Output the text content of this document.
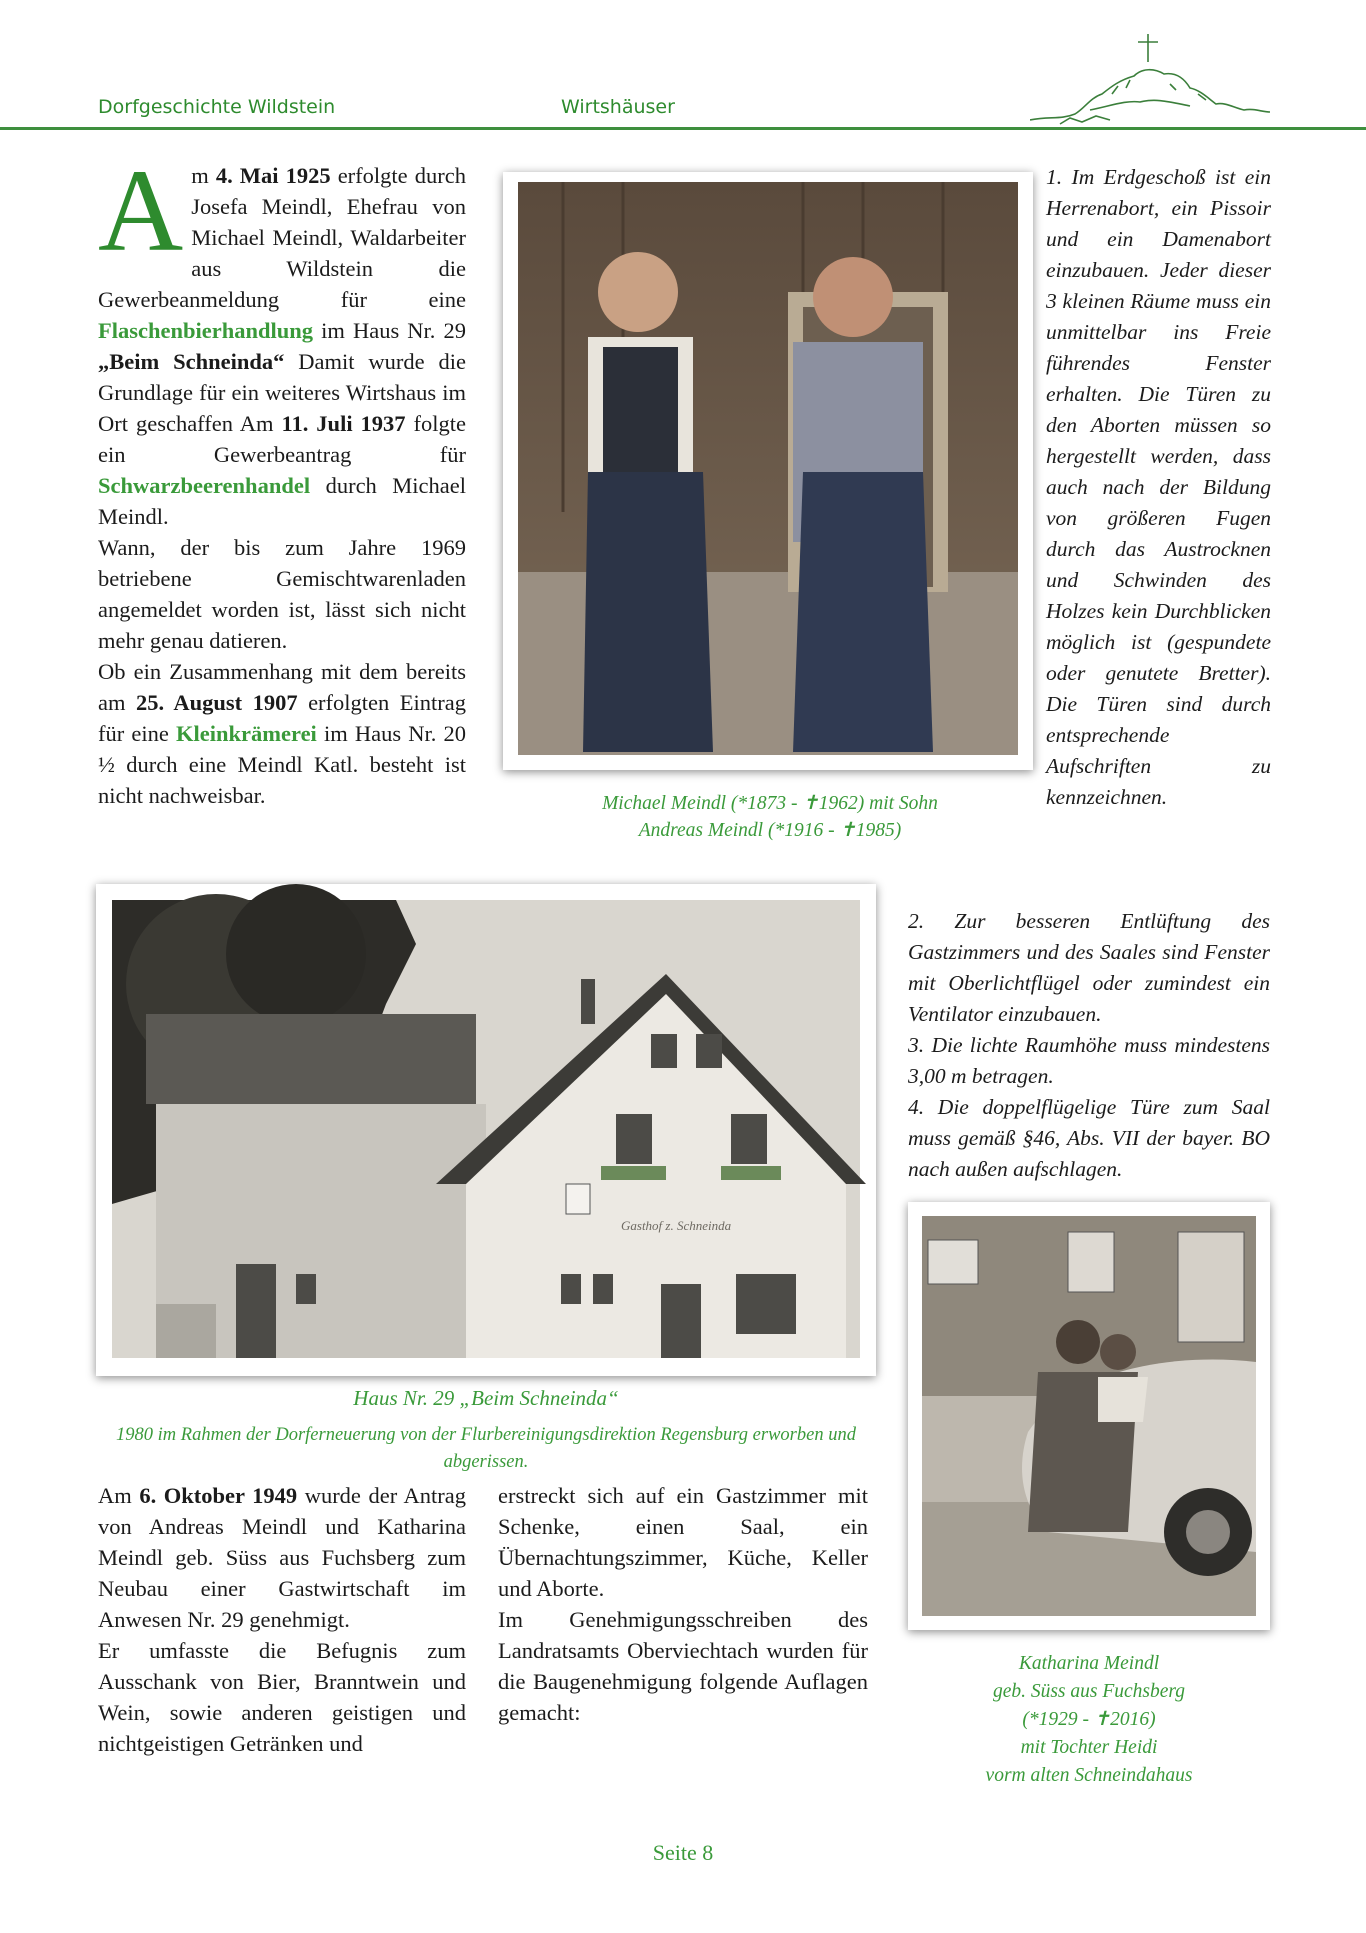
Dorfgeschichte Wildstein	Wirtshäuser
A m 4. Mai 1925 erfolgte durch Josefa Meindl, Ehefrau von Michael Meindl, Waldarbeiter aus Wildstein die Gewerbeanmeldung für eine Flaschenbierhandlung im Haus Nr. 29 „Beim Schneinda“ Damit wurde die Grundlage für ein weiteres Wirtshaus im Ort geschaffen Am 11. Juli 1937 folgte ein Gewerbeantrag für Schwarzbeerenhandel durch Michael Meindl.

Wann, der bis zum Jahre 1969 betriebene Gemischtwarenladen angemeldet worden ist, lässt sich nicht mehr genau datieren.

Ob ein Zusammenhang mit dem bereits am 25. August 1907 erfolgten Eintrag für eine Kleinkrämerei im Haus Nr. 20 ½ durch eine Meindl Katl. besteht ist nicht nachweisbar.	Michael Meindl (*1873 - ✝1962) mit Sohn
Andreas Meindl (*1916 - ✝1985)

1. Im Erdgeschoß ist ein Herrenabort, ein Pissoir und ein Damenabort einzubauen. Jeder dieser 3 kleinen Räume muss ein unmittelbar ins Freie führendes Fenster erhalten. Die Türen zu den Aborten müssen so hergestellt werden, dass auch nach der Bildung von größeren Fugen durch das Austrocknen und Schwinden des Holzes kein Durchblicken möglich ist (gespundete oder genutete Bretter). Die Türen sind durch entsprechende Aufschriften zu kennzeichnen.

2. Zur besseren Entlüftung des Gastzimmers und des Saales sind Fenster mit Oberlichtflügel oder zumindest ein Ventilator einzubauen.

3. Die lichte Raumhöhe muss mindestens 3,00 m betragen.

4. Die doppelflügelige Türe zum Saal muss gemäß §46, Abs. VII der bayer. BO nach außen aufschlagen.

Gasthof z. Schneinda
Haus Nr. 29 „Beim Schneinda“
1980 im Rahmen der Dorferneuerung von der Flurbereinigungsdirektion Regensburg erworben und abgerissen.

Am 6. Oktober 1949 wurde der Antrag von Andreas Meindl und Katharina Meindl geb. Süss aus Fuchsberg zum Neubau einer Gastwirtschaft im Anwesen Nr. 29 genehmigt.

Er umfasste die Befugnis zum Ausschank von Bier, Branntwein und Wein, sowie anderen geistigen und nichtgeistigen Getränken und

erstreckt sich auf ein Gastzimmer mit Schenke, einen Saal, ein Übernachtungszimmer, Küche, Keller und Aborte.

Im Genehmigungsschreiben des Landratsamts Oberviechtach wurden für die Baugenehmigung folgende Auflagen gemacht:

Katharina Meindl
geb. Süss aus Fuchsberg
(*1929 - ✝2016)
mit Tochter Heidi
vorm alten Schneindahaus
Seite 8
